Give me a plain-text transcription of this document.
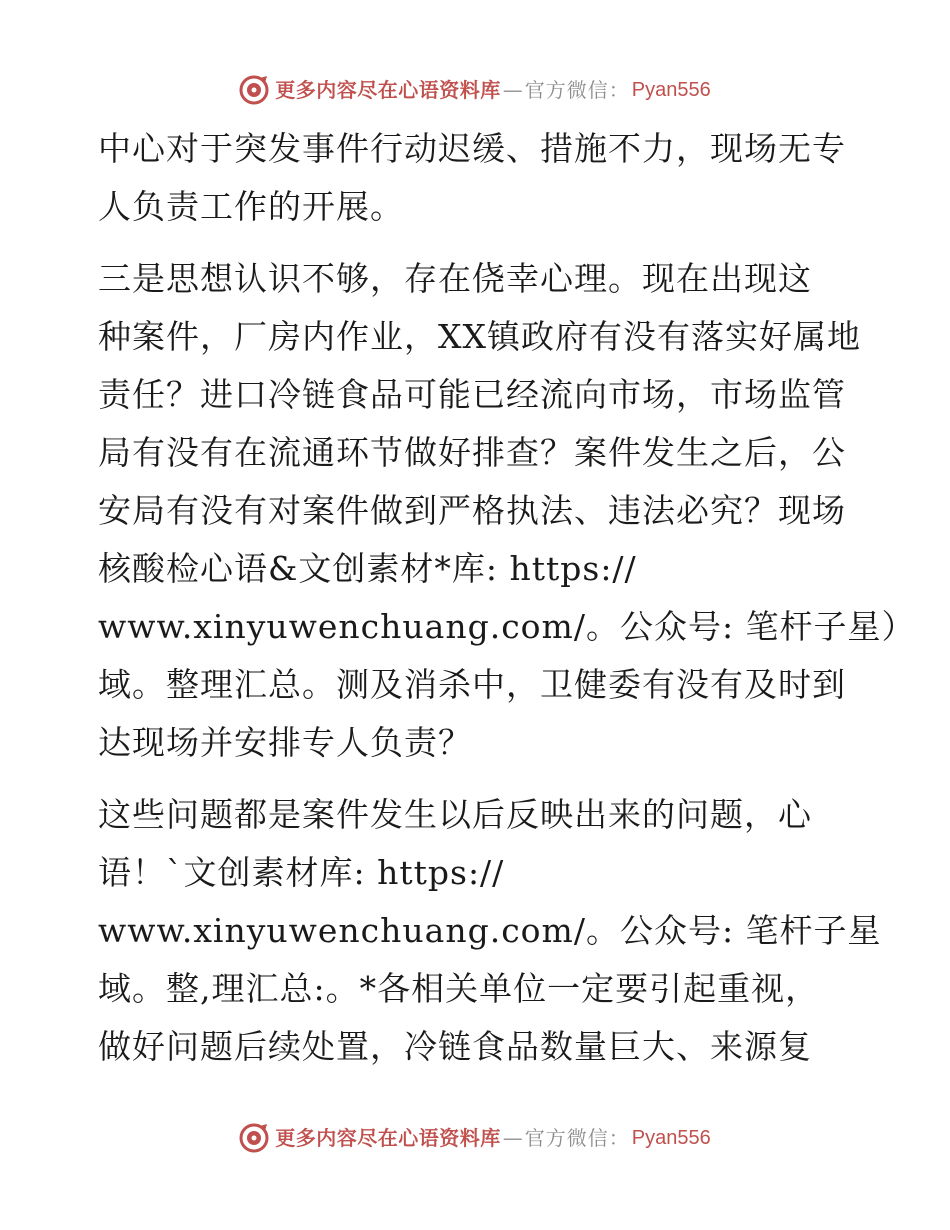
更多内容尽在心语资料库 — 官方微信： Pyan556

中心对于突发事件行动迟缓、措施不力，现场无专
人负责工作的开展。

三是思想认识不够，存在侥幸心理。现在出现这
种案件，厂房内作业，XX镇政府有没有落实好属地
责任？进口冷链食品可能已经流向市场，市场监管
局有没有在流通环节做好排查？案件发生之后，公
安局有没有对案件做到严格执法、违法必究？现场
核酸检心语&文创素材*库: https://
www.xinyuwenchuang.com/。公众号: 笔杆子星）
域。整理汇总。测及消杀中，卫健委有没有及时到
达现场并安排专人负责？

这些问题都是案件发生以后反映出来的问题，心
语！`文创素材库: https://
www.xinyuwenchuang.com/。公众号: 笔杆子星
域。整,理汇总:。*各相关单位一定要引起重视，
做好问题后续处置，冷链食品数量巨大、来源复

更多内容尽在心语资料库 — 官方微信： Pyan556
